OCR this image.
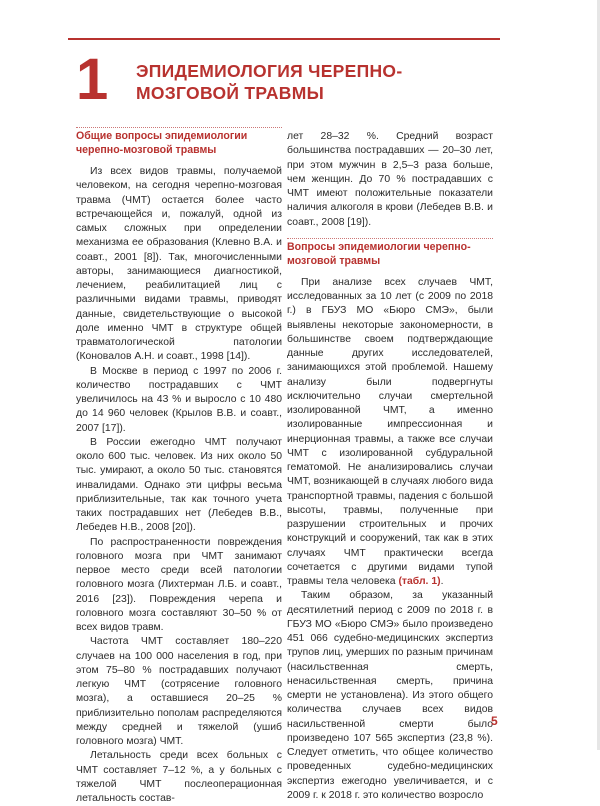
1 ЭПИДЕМИОЛОГИЯ ЧЕРЕПНО-МОЗГОВОЙ ТРАВМЫ
Общие вопросы эпидемиологии черепно-мозговой травмы

Из всех видов травмы, получаемой человеком, на сегодня черепно-мозговая травма (ЧМТ) остается более часто встречающейся и, пожалуй, одной из самых сложных при определении механизма ее образования (Клевно В.А. и соавт., 2001 [8]). Так, многочисленными авторы, занимающиеся диагностикой, лечением, реабилитацией лиц с различными видами травмы, приводят данные, свидетельствующие о высокой доле именно ЧМТ в структуре общей травматологической патологии (Коновалов А.Н. и соавт., 1998 [14]).

В Москве в период с 1997 по 2006 г. количество пострадавших с ЧМТ увеличилось на 43 % и выросло с 10 480 до 14 960 человек (Крылов В.В. и соавт., 2007 [17]).

В России ежегодно ЧМТ получают около 600 тыс. человек. Из них около 50 тыс. умирают, а около 50 тыс. становятся инвалидами. Однако эти цифры весьма приблизительные, так как точного учета таких пострадавших нет (Лебедев В.В., Лебедев Н.В., 2008 [20]).

По распространенности повреждения головного мозга при ЧМТ занимают первое место среди всей патологии головного мозга (Лихтерман Л.Б. и соавт., 2016 [23]). Повреждения черепа и головного мозга составляют 30–50 % от всех видов травм.

Частота ЧМТ составляет 180–220 случаев на 100 000 населения в год, при этом 75–80 % пострадавших получают легкую ЧМТ (сотрясение головного мозга), а оставшиеся 20–25 % приблизительно пополам распределяются между средней и тяжелой (ушиб головного мозга) ЧМТ.

Летальность среди всех больных с ЧМТ составляет 7–12 %, а у больных с тяжелой ЧМТ послеоперационная летальность состав-

лет 28–32 %. Средний возраст большинства пострадавших — 20–30 лет, при этом мужчин в 2,5–3 раза больше, чем женщин. До 70 % пострадавших с ЧМТ имеют положительные показатели наличия алкоголя в крови (Лебедев В.В. и соавт., 2008 [19]).

Вопросы эпидемиологии черепно-мозговой травмы

При анализе всех случаев ЧМТ, исследованных за 10 лет (с 2009 по 2018 г.) в ГБУЗ МО «Бюро СМЭ», были выявлены некоторые закономерности, в большинстве своем подтверждающие данные других исследователей, занимающихся этой проблемой. Нашему анализу были подвергнуты исключительно случаи смертельной изолированной ЧМТ, а именно изолированные импрессионная и инерционная травмы, а также все случаи ЧМТ с изолированной субдуральной гематомой. Не анализировались случаи ЧМТ, возникающей в случаях любого вида транспортной травмы, падения с большой высоты, травмы, полученные при разрушении строительных и прочих конструкций и сооружений, так как в этих случаях ЧМТ практически всегда сочетается с другими видами тупой травмы тела человека (табл. 1).

Таким образом, за указанный десятилетний период с 2009 по 2018 г. в ГБУЗ МО «Бюро СМЭ» было произведено 451 066 судебно-медицинских экспертиз трупов лиц, умерших по разным причинам (насильственная смерть, ненасильственная смерть, причина смерти не установлена). Из этого общего количества случаев всех видов насильственной смерти было произведено 107 565 экспертиз (23,8 %). Следует отметить, что общее количество проведенных судебно-медицинских экспертиз ежегодно увеличивается, и с 2009 г. к 2018 г. это количество возросло

5
